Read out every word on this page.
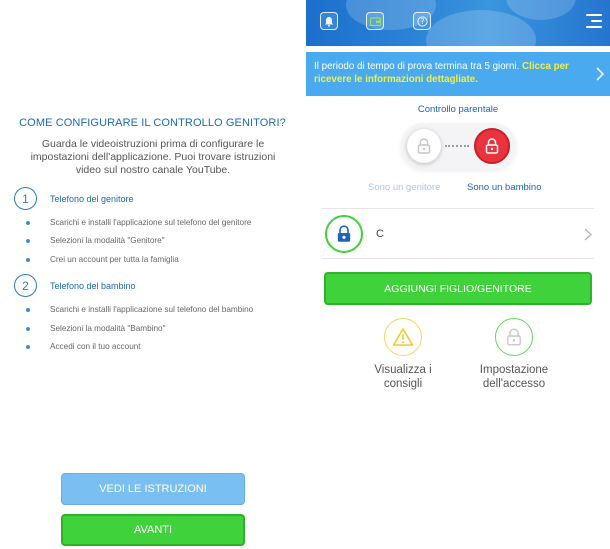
COME CONFIGURARE IL CONTROLLO GENITORI?
Guarda le videoistruzioni prima di configurare le impostazioni dell'applicazione. Puoi trovare istruzioni video sul nostro canale YouTube.
1	Telefono del genitore
Scarichi e installi l'applicazione sul telefono del genitore
Selezioni la modalità "Genitore"
Crei un account per tutta la famiglia
2	Telefono del bambino
Scarichi e installi l'applicazione sul telefono del bambino
Selezioni la modalità "Bambino"
Accedi con il tuo account
VEDI LE ISTRUZIONI
AVANTI
?
Il periodo di tempo di prova termina tra 5 giorni. Clicca per ricevere le informazioni dettagliate.
Controllo parentale
Sono un genitore	Sono un bambino
C
AGGIUNGI FIGLIO/GENITORE
Visualizza i consigli
Impostazione dell'accesso
